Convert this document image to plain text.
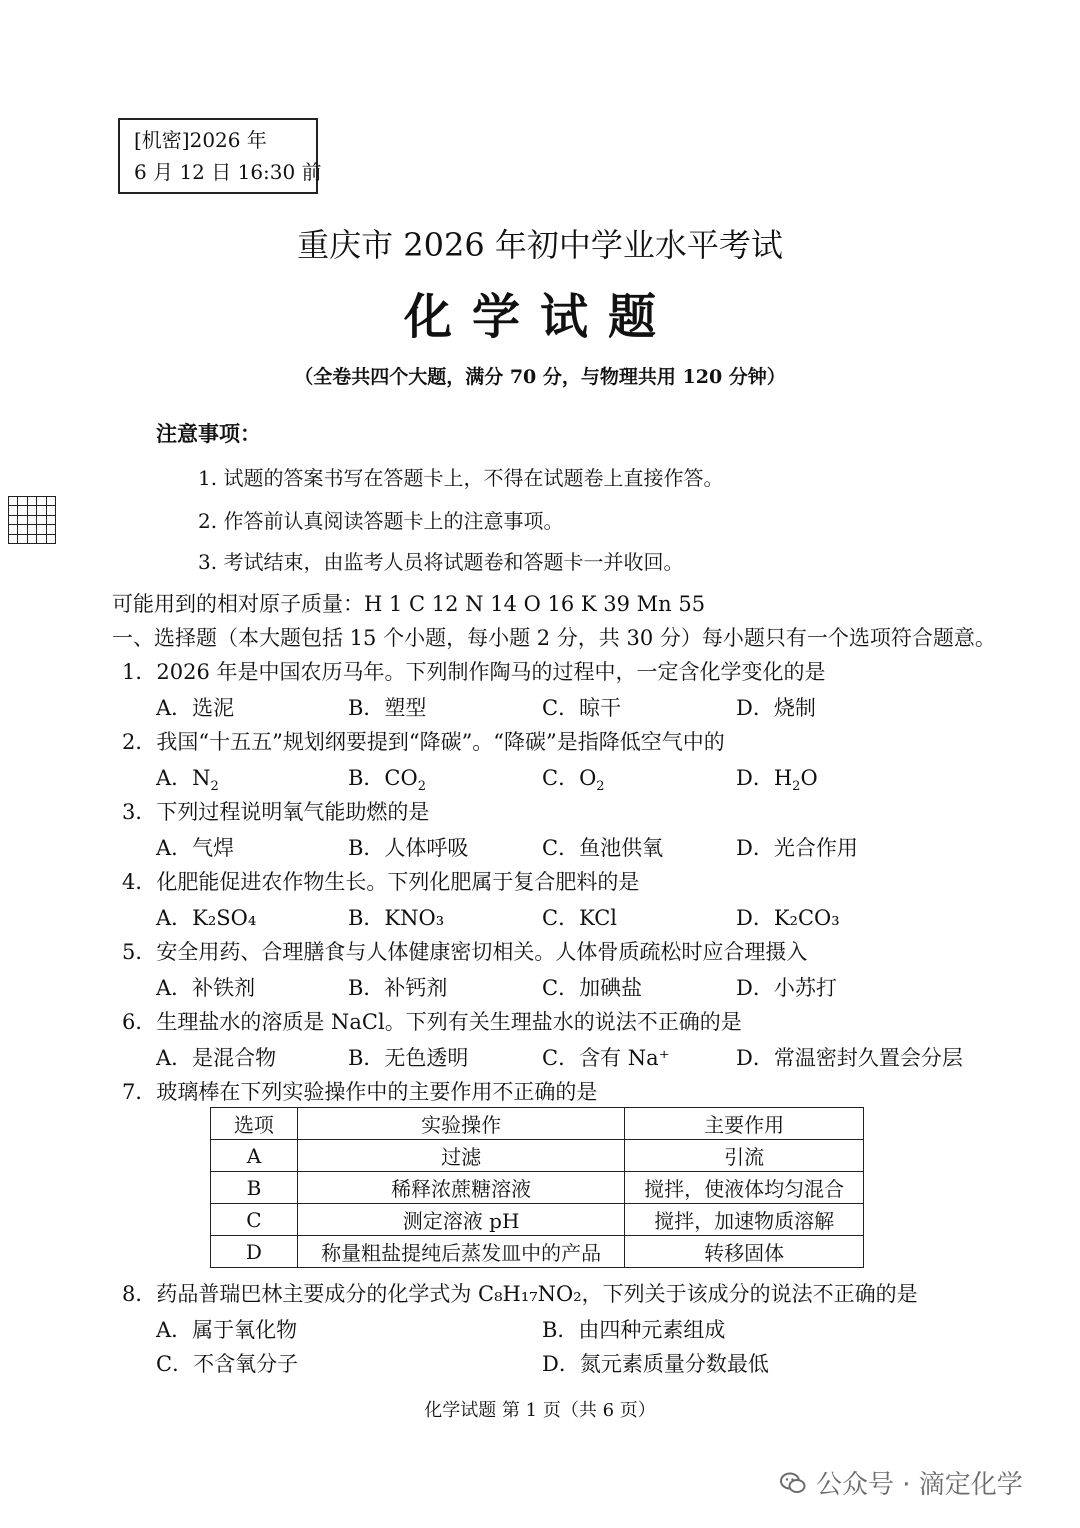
[机密]2026 年
6 月 12 日 16:30 前
重庆市 2026 年初中学业水平考试
化学试题
（全卷共四个大题，满分 70 分，与物理共用 120 分钟）
注意事项：
1. 试题的答案书写在答题卡上，不得在试题卷上直接作答。
2. 作答前认真阅读答题卡上的注意事项。
3. 考试结束，由监考人员将试题卷和答题卡一并收回。
可能用到的相对原子质量：H 1 C 12 N 14 O 16 K 39 Mn 55
一、选择题（本大题包括 15 个小题，每小题 2 分，共 30 分）每小题只有一个选项符合题意。
1．2026 年是中国农历马年。下列制作陶马的过程中，一定含化学变化的是
A．选泥	B．塑型	C．晾干	D．烧制
2．我国“十五五”规划纲要提到“降碳”。“降碳”是指降低空气中的
A．$N_2$	B．$CO_2$	C．$O_2$	D．$H_2O$
3．下列过程说明氧气能助燃的是
A．气焊	B．人体呼吸	C．鱼池供氧	D．光合作用
4．化肥能促进农作物生长。下列化肥属于复合肥料的是
A．K₂SO₄	B．KNO₃	C．KCl	D．K₂CO₃
5．安全用药、合理膳食与人体健康密切相关。人体骨质疏松时应合理摄入
A．补铁剂	B．补钙剂	C．加碘盐	D．小苏打
6．生理盐水的溶质是 NaCl。下列有关生理盐水的说法不正确的是
A．是混合物	B．无色透明	C．含有 Na⁺	D．常温密封久置会分层
7．玻璃棒在下列实验操作中的主要作用不正确的是
选项	实验操作	主要作用
A	过滤	引流
B	稀释浓蔗糖溶液	搅拌，使液体均匀混合
C	测定溶液 pH	搅拌，加速物质溶解
D	称量粗盐提纯后蒸发皿中的产品	转移固体
8．药品普瑞巴林主要成分的化学式为 C₈H₁₇NO₂，下列关于该成分的说法不正确的是
A．属于氧化物	B．由四种元素组成
C．不含氧分子	D．氮元素质量分数最低
化学试题 第 1 页（共 6 页）
公众号 · 滴定化学
